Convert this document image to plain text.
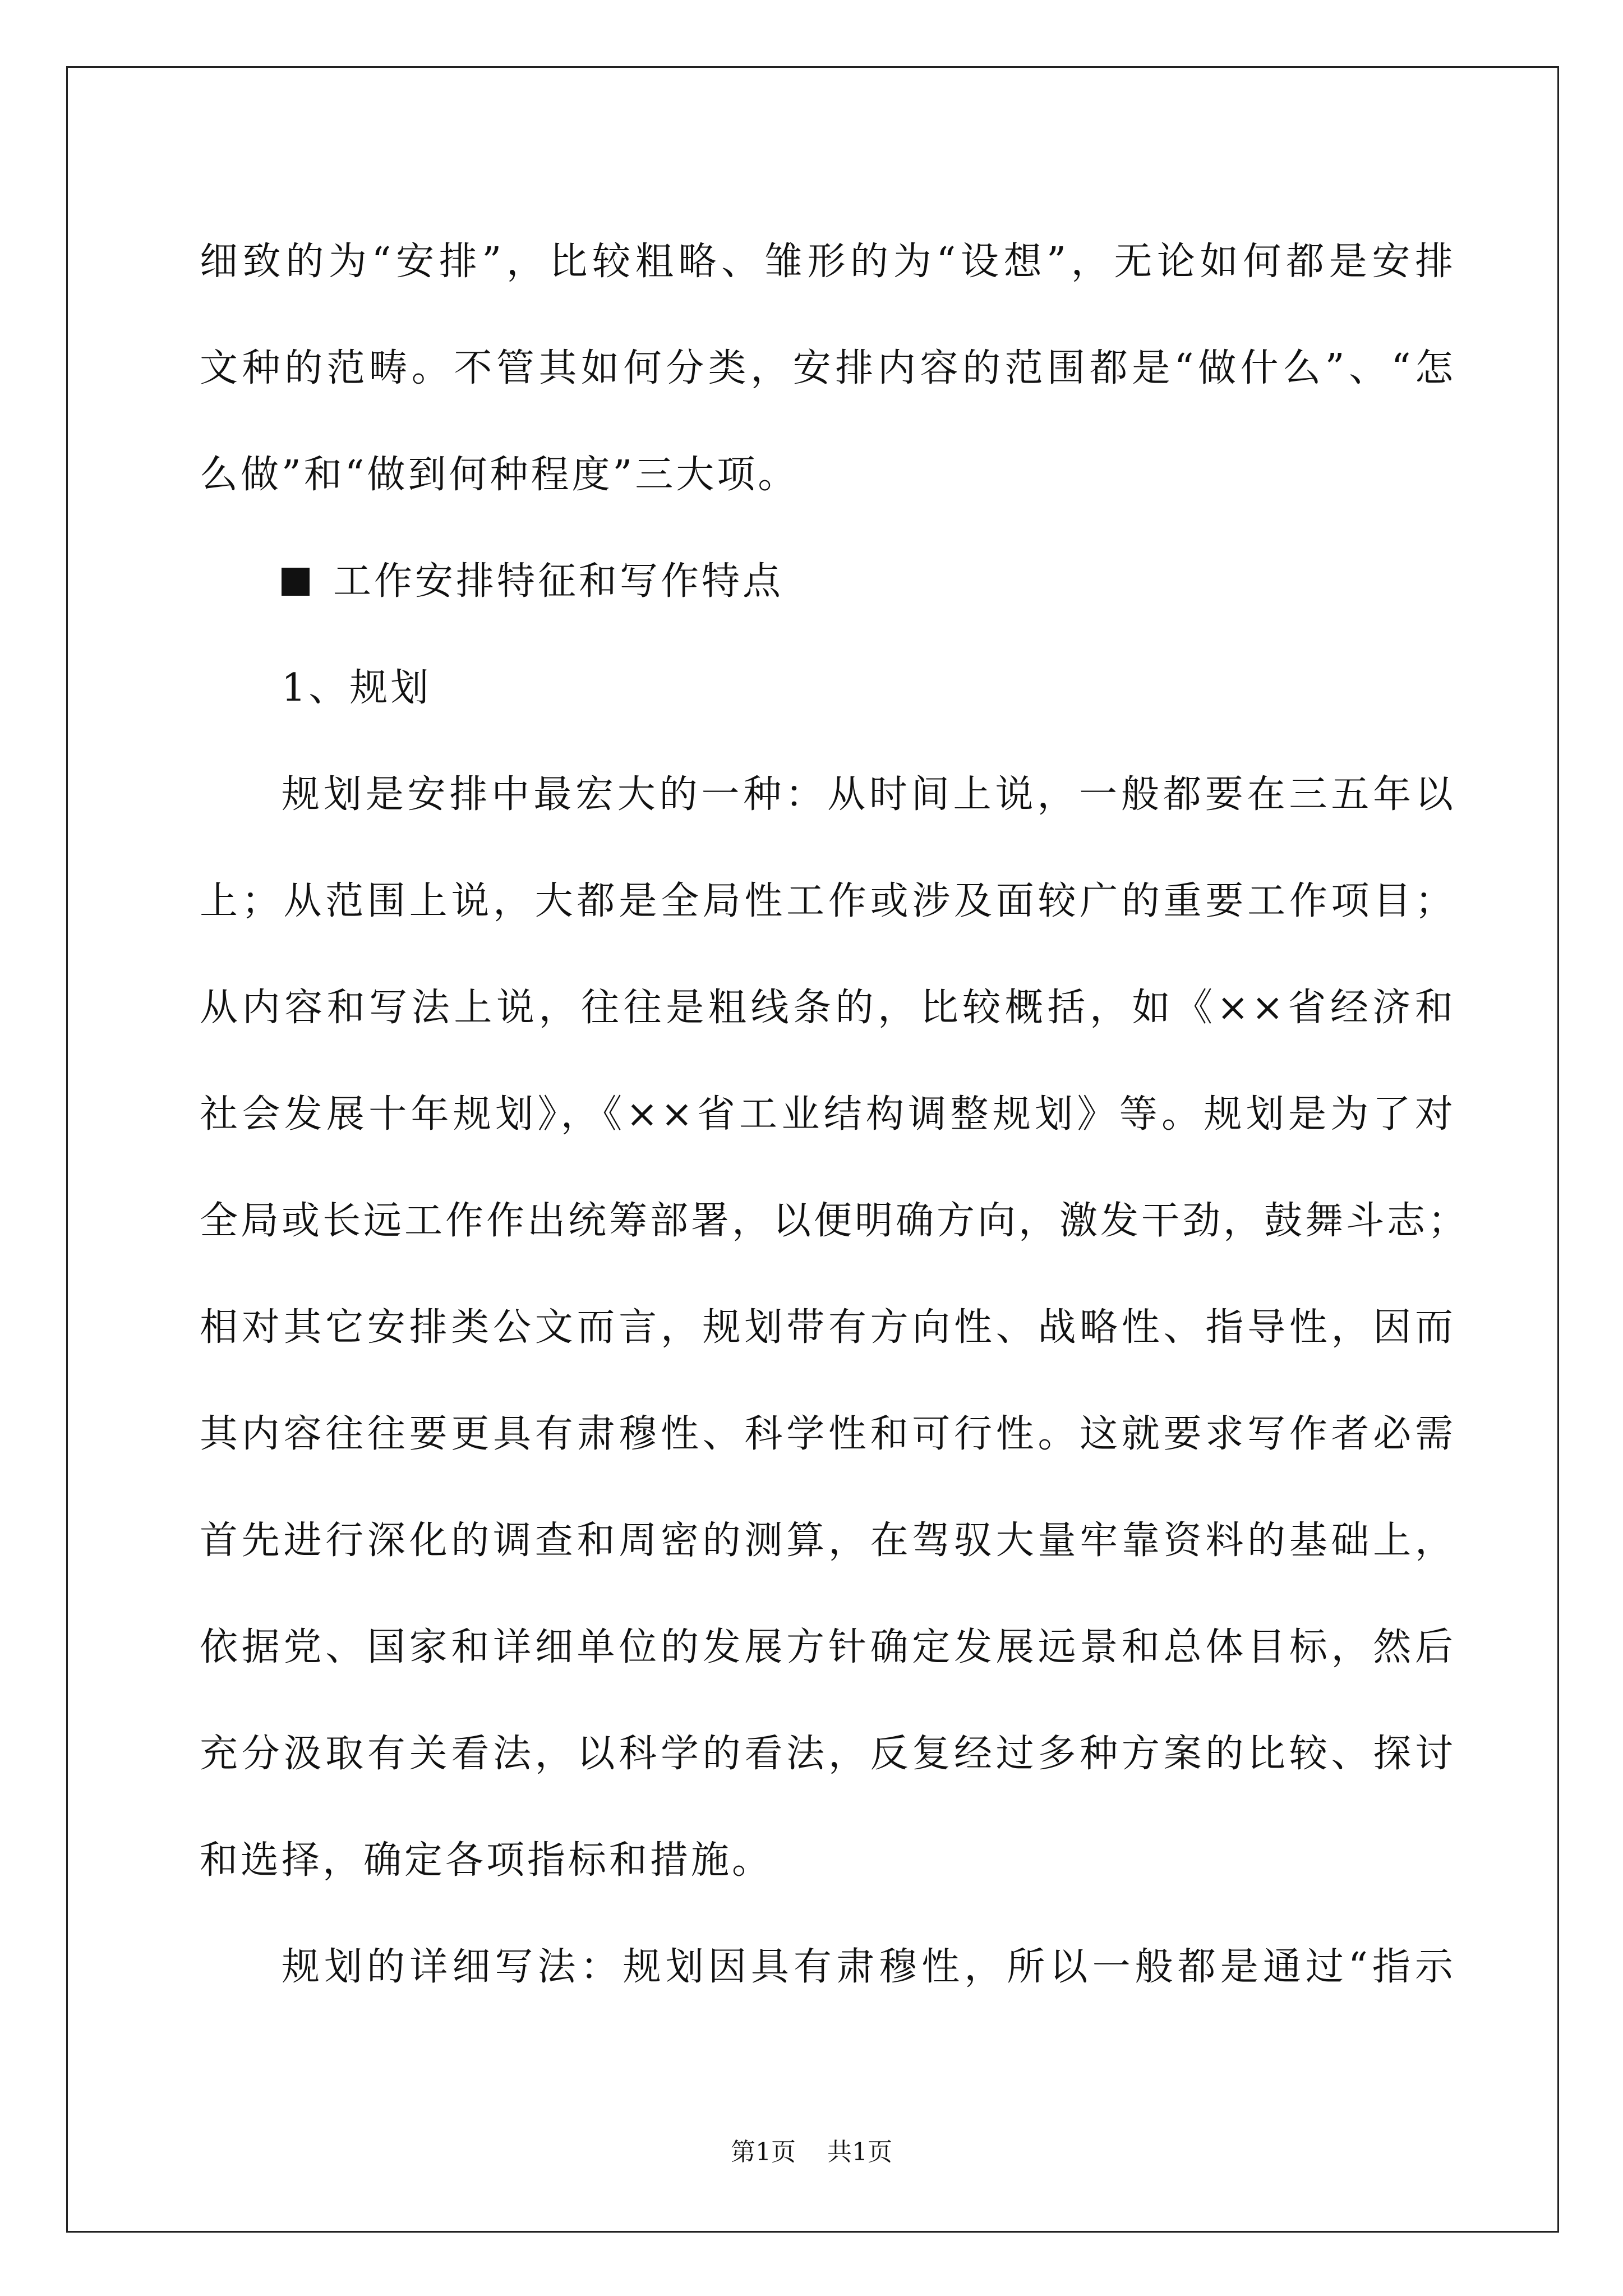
细致的为“安排”，比较粗略、雏形的为“设想”，无论如何都是安排
文种的范畴。不管其如何分类，安排内容的范围都是“做什么”、“怎
么做”和“做到何种程度”三大项。
工作安排特征和写作特点
1、规划
规划是安排中最宏大的一种：从时间上说，一般都要在三五年以
上；从范围上说，大都是全局性工作或涉及面较广的重要工作项目；
从内容和写法上说，往往是粗线条的，比较概括，如《××省经济和
社会发展十年规划》，《××省工业结构调整规划》等。规划是为了对
全局或长远工作作出统筹部署，以便明确方向，激发干劲，鼓舞斗志；
相对其它安排类公文而言，规划带有方向性、战略性、指导性，因而
其内容往往要更具有肃穆性、科学性和可行性。这就要求写作者必需
首先进行深化的调查和周密的测算，在驾驭大量牢靠资料的基础上，
依据党、国家和详细单位的发展方针确定发展远景和总体目标，然后
充分汲取有关看法，以科学的看法，反复经过多种方案的比较、探讨
和选择，确定各项指标和措施。
规划的详细写法：规划因具有肃穆性，所以一般都是通过“指示
第1页 共1页
